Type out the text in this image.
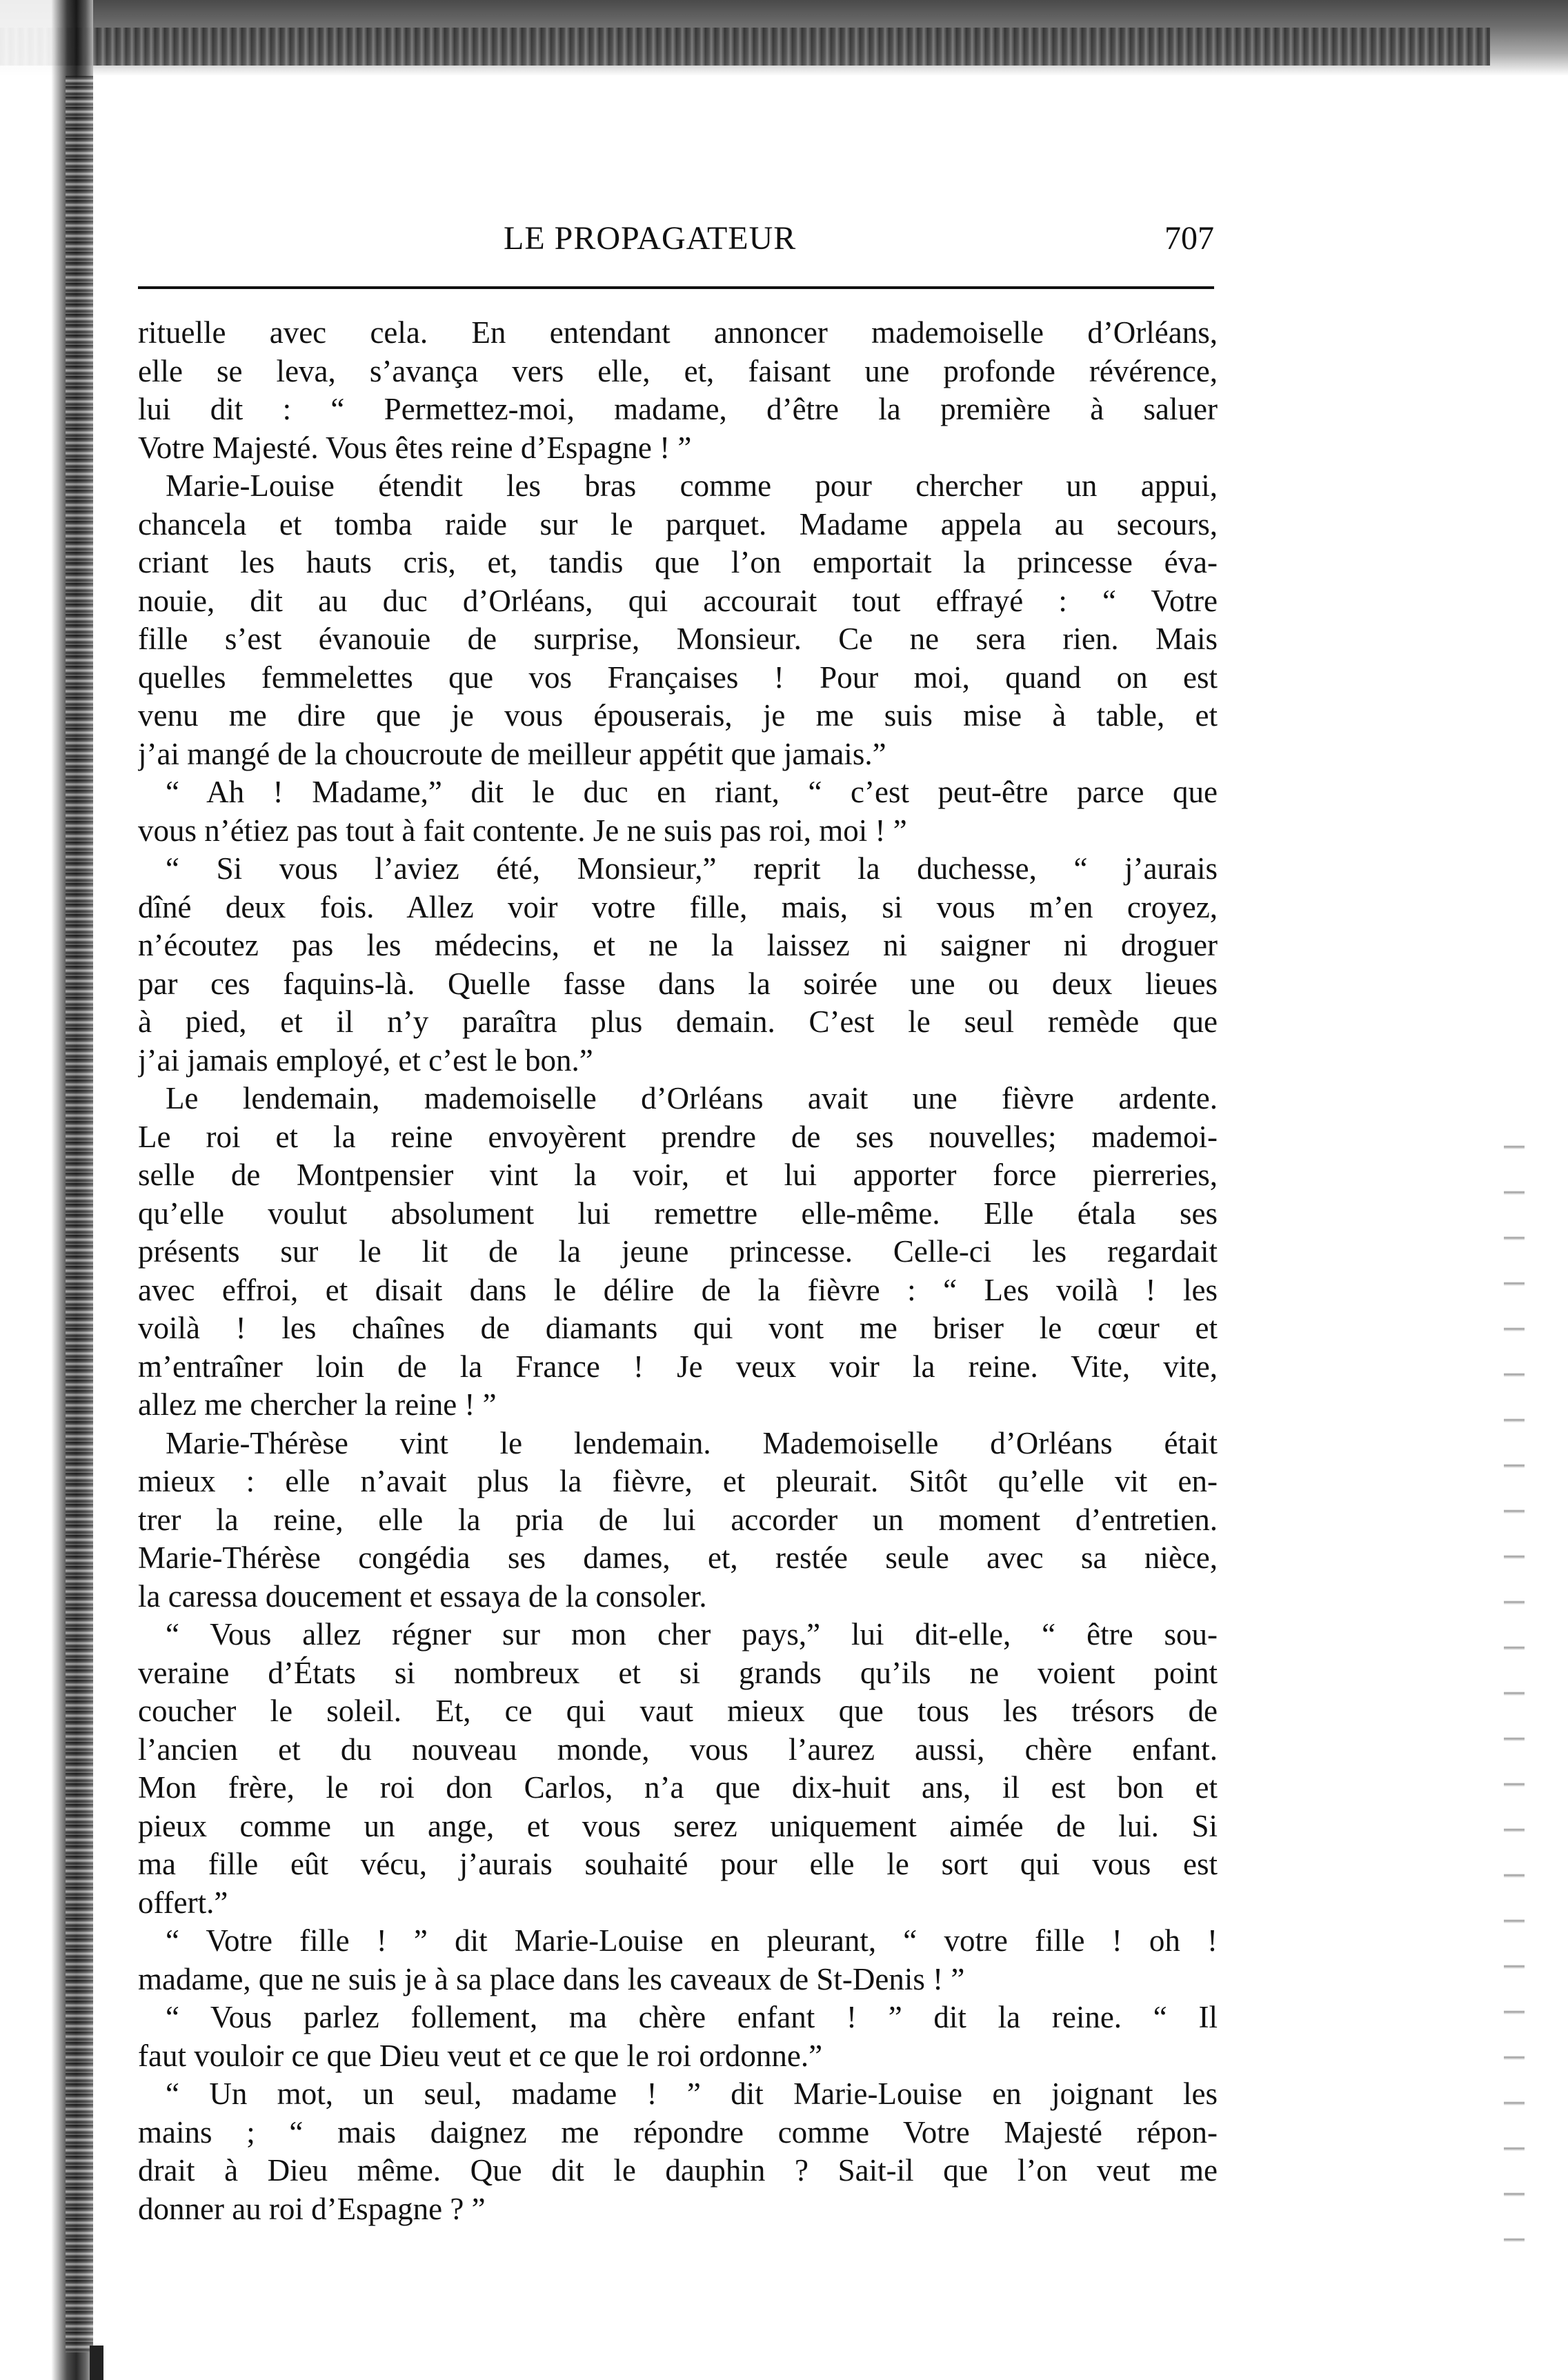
LE PROPAGATEUR	707

rituelle avec cela. En entendant annoncer mademoiselle d’Orléans,

elle se leva, s’avança vers elle, et, faisant une profonde révérence,

lui dit : “ Permettez-moi, madame, d’être la première à saluer

Votre Majesté. Vous êtes reine d’Espagne ! ”

Marie-Louise étendit les bras comme pour chercher un appui,

chancela et tomba raide sur le parquet. Madame appela au secours,

criant les hauts cris, et, tandis que l’on emportait la princesse éva-

nouie, dit au duc d’Orléans, qui accourait tout effrayé : “ Votre

fille s’est évanouie de surprise, Monsieur. Ce ne sera rien. Mais

quelles femmelettes que vos Françaises ! Pour moi, quand on est

venu me dire que je vous épouserais, je me suis mise à table, et

j’ai mangé de la choucroute de meilleur appétit que jamais.”

“ Ah ! Madame,” dit le duc en riant, “ c’est peut-être parce que

vous n’étiez pas tout à fait contente. Je ne suis pas roi, moi ! ”

“ Si vous l’aviez été, Monsieur,” reprit la duchesse, “ j’aurais

dîné deux fois. Allez voir votre fille, mais, si vous m’en croyez,

n’écoutez pas les médecins, et ne la laissez ni saigner ni droguer

par ces faquins-là. Quelle fasse dans la soirée une ou deux lieues

à pied, et il n’y paraîtra plus demain. C’est le seul remède que

j’ai jamais employé, et c’est le bon.”

Le lendemain, mademoiselle d’Orléans avait une fièvre ardente.

Le roi et la reine envoyèrent prendre de ses nouvelles; mademoi-

selle de Montpensier vint la voir, et lui apporter force pierreries,

qu’elle voulut absolument lui remettre elle-même. Elle étala ses

présents sur le lit de la jeune princesse. Celle-ci les regardait

avec effroi, et disait dans le délire de la fièvre : “ Les voilà ! les

voilà ! les chaînes de diamants qui vont me briser le cœur et

m’entraîner loin de la France ! Je veux voir la reine. Vite, vite,

allez me chercher la reine ! ”

Marie-Thérèse vint le lendemain. Mademoiselle d’Orléans était

mieux : elle n’avait plus la fièvre, et pleurait. Sitôt qu’elle vit en-

trer la reine, elle la pria de lui accorder un moment d’entretien.

Marie-Thérèse congédia ses dames, et, restée seule avec sa nièce,

la caressa doucement et essaya de la consoler.

“ Vous allez régner sur mon cher pays,” lui dit-elle, “ être sou-

veraine d’États si nombreux et si grands qu’ils ne voient point

coucher le soleil. Et, ce qui vaut mieux que tous les trésors de

l’ancien et du nouveau monde, vous l’aurez aussi, chère enfant.

Mon frère, le roi don Carlos, n’a que dix-huit ans, il est bon et

pieux comme un ange, et vous serez uniquement aimée de lui. Si

ma fille eût vécu, j’aurais souhaité pour elle le sort qui vous est

offert.”

“ Votre fille ! ” dit Marie-Louise en pleurant, “ votre fille ! oh !

madame, que ne suis je à sa place dans les caveaux de St-Denis ! ”

“ Vous parlez follement, ma chère enfant ! ” dit la reine. “ Il

faut vouloir ce que Dieu veut et ce que le roi ordonne.”

“ Un mot, un seul, madame ! ” dit Marie-Louise en joignant les

mains ; “ mais daignez me répondre comme Votre Majesté répon-

drait à Dieu même. Que dit le dauphin ? Sait-il que l’on veut me

donner au roi d’Espagne ? ”
